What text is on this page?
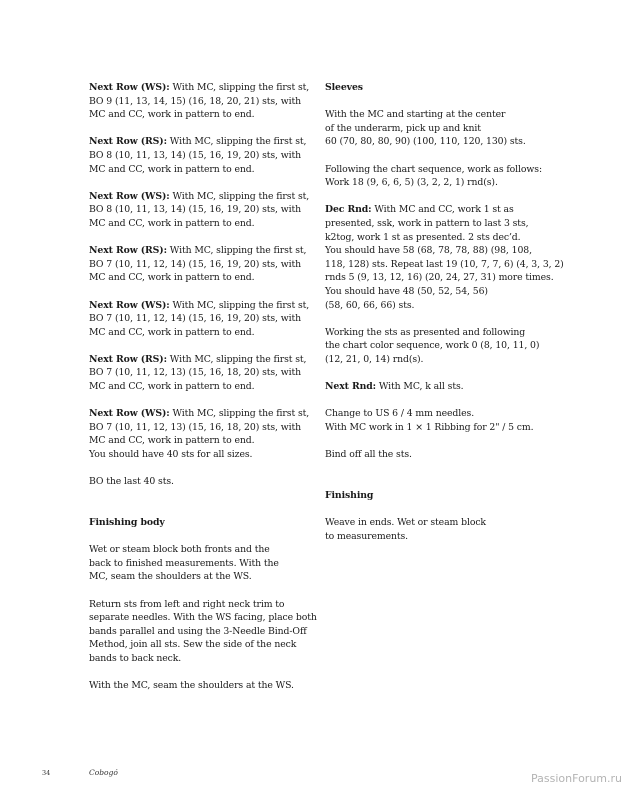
Next Row (WS): With MC, slipping the first st,
BO 9 (11, 13, 14, 15) (16, 18, 20, 21) sts, with
MC and CC, work in pattern to end.
Next Row (RS): With MC, slipping the first st,
BO 8 (10, 11, 13, 14) (15, 16, 19, 20) sts, with
MC and CC, work in pattern to end.
Next Row (WS): With MC, slipping the first st,
BO 8 (10, 11, 13, 14) (15, 16, 19, 20) sts, with
MC and CC, work in pattern to end.
Next Row (RS): With MC, slipping the first st,
BO 7 (10, 11, 12, 14) (15, 16, 19, 20) sts, with
MC and CC, work in pattern to end.
Next Row (WS): With MC, slipping the first st,
BO 7 (10, 11, 12, 14) (15, 16, 19, 20) sts, with
MC and CC, work in pattern to end.
Next Row (RS): With MC, slipping the first st,
BO 7 (10, 11, 12, 13) (15, 16, 18, 20) sts, with
MC and CC, work in pattern to end.
Next Row (WS): With MC, slipping the first st,
BO 7 (10, 11, 12, 13) (15, 16, 18, 20) sts, with
MC and CC, work in pattern to end.
You should have 40 sts for all sizes.
BO the last 40 sts.
Finishing body
Wet or steam block both fronts and the
back to finished measurements. With the
MC, seam the shoulders at the WS.
Return sts from left and right neck trim to
separate needles. With the WS facing, place both
bands parallel and using the 3-Needle Bind-Off
Method, join all sts. Sew the side of the neck
bands to back neck.
With the MC, seam the shoulders at the WS.
Sleeves
With the MC and starting at the center
of the underarm, pick up and knit
60 (70, 80, 80, 90) (100, 110, 120, 130) sts.
Following the chart sequence, work as follows:
Work 18 (9, 6, 6, 5) (3, 2, 2, 1) rnd(s).
Dec Rnd: With MC and CC, work 1 st as
presented, ssk, work in pattern to last 3 sts,
k2tog, work 1 st as presented. 2 sts dec’d.
You should have 58 (68, 78, 78, 88) (98, 108,
118, 128) sts. Repeat last 19 (10, 7, 7, 6) (4, 3, 3, 2)
rnds 5 (9, 13, 12, 16) (20, 24, 27, 31) more times.
You should have 48 (50, 52, 54, 56)
(58, 60, 66, 66) sts.
Working the sts as presented and following
the chart color sequence, work 0 (8, 10, 11, 0)
(12, 21, 0, 14) rnd(s).
Next Rnd: With MC, k all sts.
Change to US 6 / 4 mm needles.
With MC work in 1 × 1 Ribbing for 2" / 5 cm.
Bind off all the sts.
Finishing
Weave in ends. Wet or steam block
to measurements.
34	Cobogó	PassionForum.ru
